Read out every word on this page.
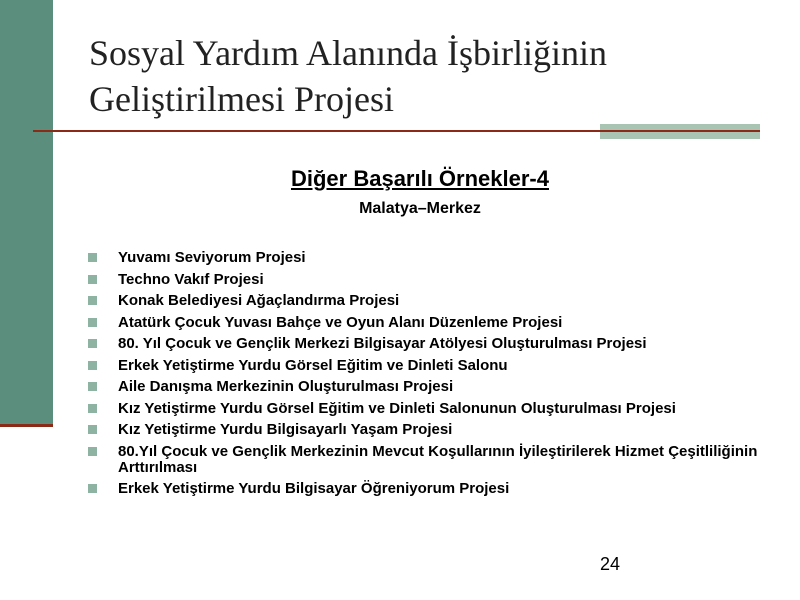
Sosyal Yardım Alanında İşbirliğinin Geliştirilmesi Projesi
Diğer Başarılı Örnekler-4
Malatya–Merkez
Yuvamı Seviyorum Projesi
Techno Vakıf Projesi
Konak Belediyesi Ağaçlandırma Projesi
Atatürk Çocuk Yuvası Bahçe ve Oyun Alanı Düzenleme Projesi
80. Yıl Çocuk ve Gençlik Merkezi Bilgisayar Atölyesi Oluşturulması Projesi
Erkek Yetiştirme Yurdu Görsel Eğitim ve Dinleti Salonu
Aile Danışma Merkezinin Oluşturulması Projesi
Kız Yetiştirme Yurdu Görsel Eğitim ve Dinleti Salonunun Oluşturulması Projesi
Kız Yetiştirme Yurdu Bilgisayarlı Yaşam Projesi
80.Yıl Çocuk ve Gençlik Merkezinin Mevcut Koşullarının İyileştirilerek Hizmet Çeşitliliğinin Arttırılması
Erkek Yetiştirme Yurdu Bilgisayar Öğreniyorum Projesi
24
